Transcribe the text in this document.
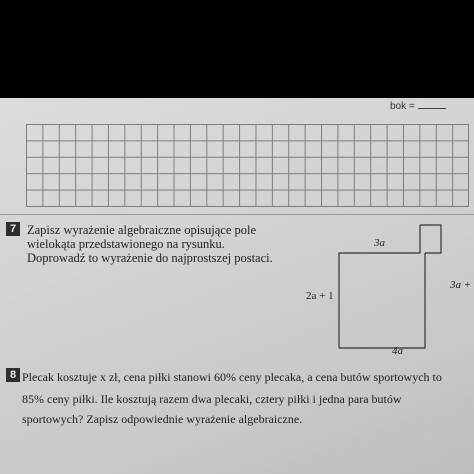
bok =
7 Zapisz wyrażenie algebraiczne opisujące pole
wielokąta przedstawionego na rysunku.
Doprowadź to wyrażenie do najprostszej postaci.
3a
2a + 1
3a +
4a
8 Plecak kosztuje x zł, cena piłki stanowi 60% ceny plecaka, a cena butów sportowych to
85% ceny piłki. Ile kosztują razem dwa plecaki, cztery piłki i jedna para butów
sportowych? Zapisz odpowiednie wyrażenie algebraiczne.
